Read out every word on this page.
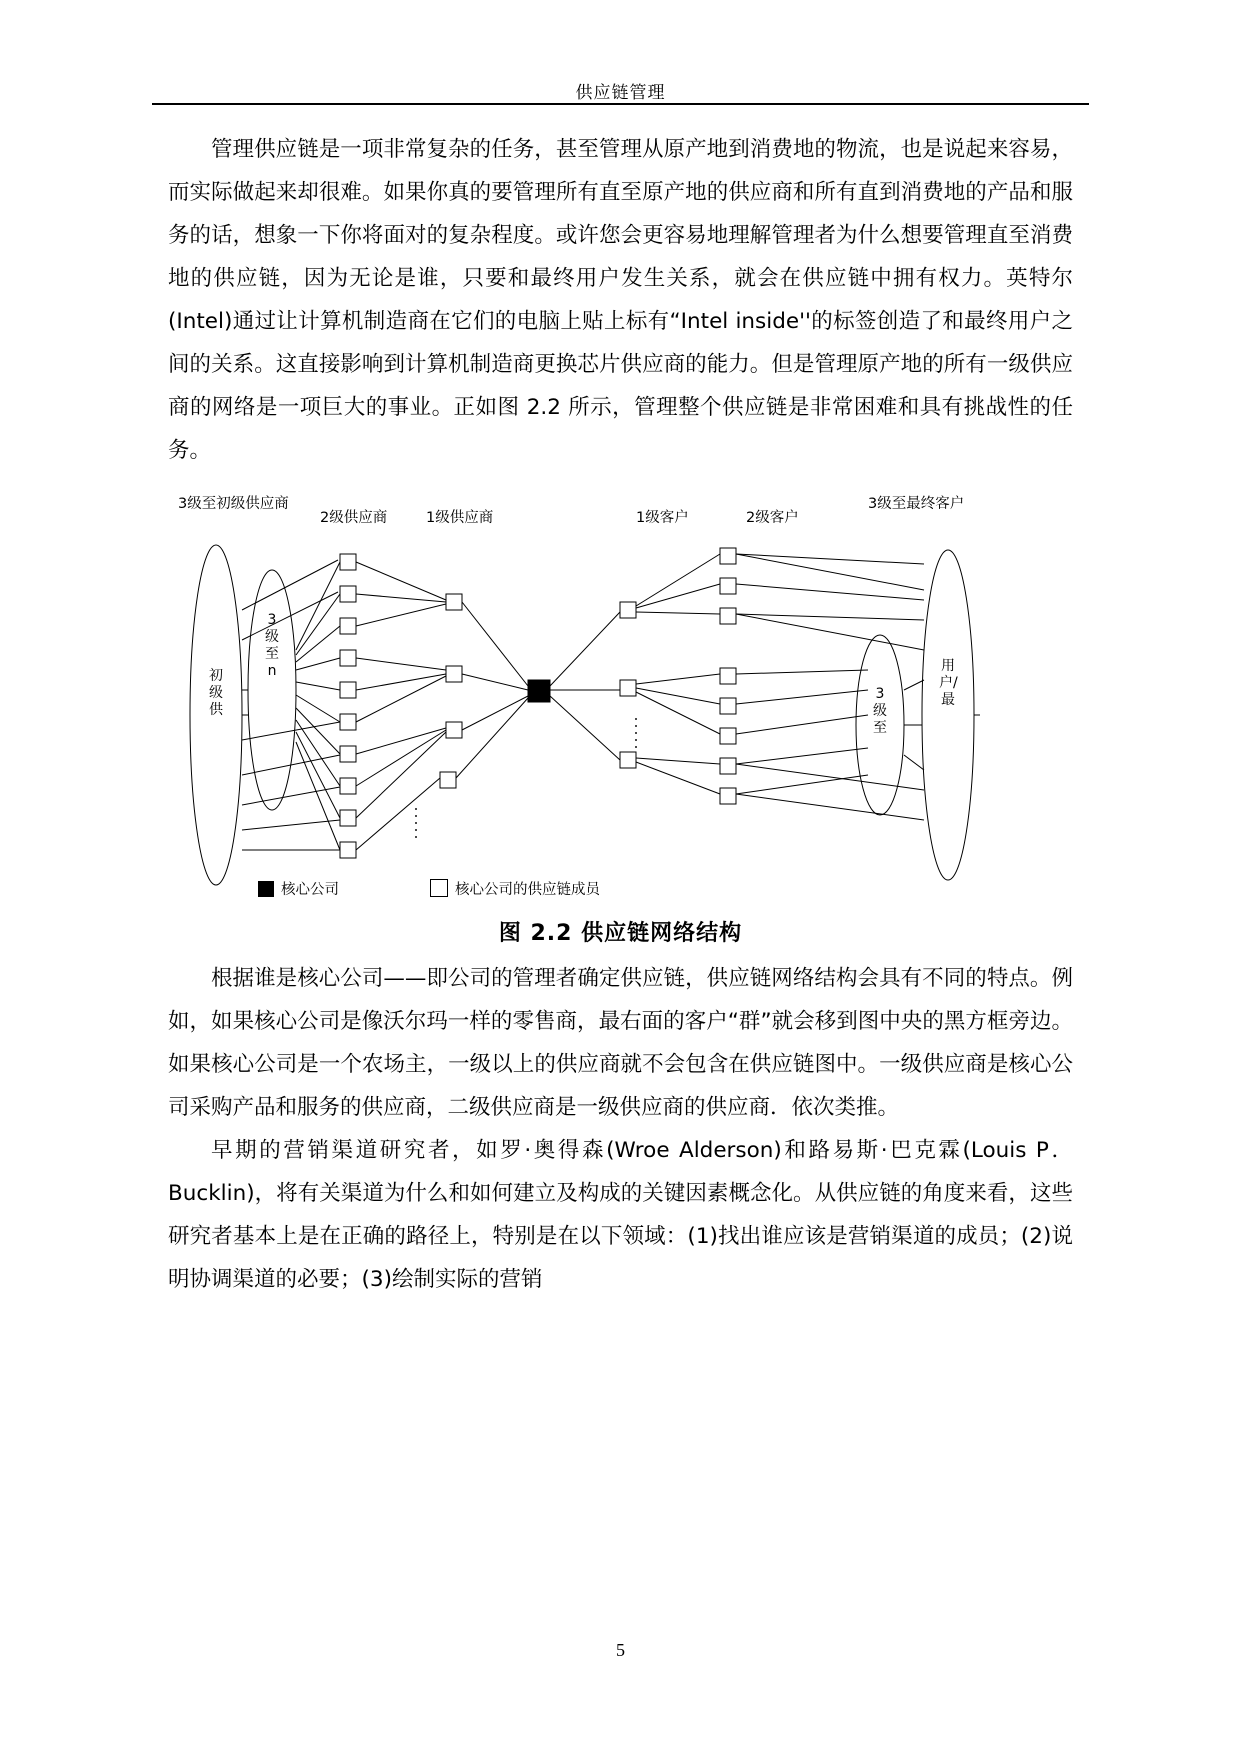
供应链管理

管理供应链是一项非常复杂的任务，甚至管理从原产地到消费地的物流，也是说起来容易，而实际做起来却很难。如果你真的要管理所有直至原产地的供应商和所有直到消费地的产品和服务的话，想象一下你将面对的复杂程度。或许您会更容易地理解管理者为什么想要管理直至消费地的供应链，因为无论是谁，只要和最终用户发生关系，就会在供应链中拥有权力。英特尔(Intel)通过让计算机制造商在它们的电脑上贴上标有“Intel inside''的标签创造了和最终用户之间的关系。这直接影响到计算机制造商更换芯片供应商的能力。但是管理原产地的所有一级供应商的网络是一项巨大的事业。正如图 2.2 所示，管理整个供应链是非常困难和具有挑战性的任务。

3级至初级供应商
2级供应商	1级供应商	1级客户	2级客户
3级至最终客户
初级供
3级至n
3级至
用户/最
核心公司	核心公司的供应链成员
图 2.2 供应链网络结构

根据谁是核心公司——即公司的管理者确定供应链，供应链网络结构会具有不同的特点。例如，如果核心公司是像沃尔玛一样的零售商，最右面的客户“群”就会移到图中央的黑方框旁边。如果核心公司是一个农场主，一级以上的供应商就不会包含在供应链图中。一级供应商是核心公司采购产品和服务的供应商，二级供应商是一级供应商的供应商．依次类推。

早期的营销渠道研究者，如罗·奥得森(Wroe Alderson)和路易斯·巴克霖(Louis P．Bucklin)，将有关渠道为什么和如何建立及构成的关键因素概念化。从供应链的角度来看，这些研究者基本上是在正确的路径上，特别是在以下领域：(1)找出谁应该是营销渠道的成员；(2)说明协调渠道的必要；(3)绘制实际的营销

5
